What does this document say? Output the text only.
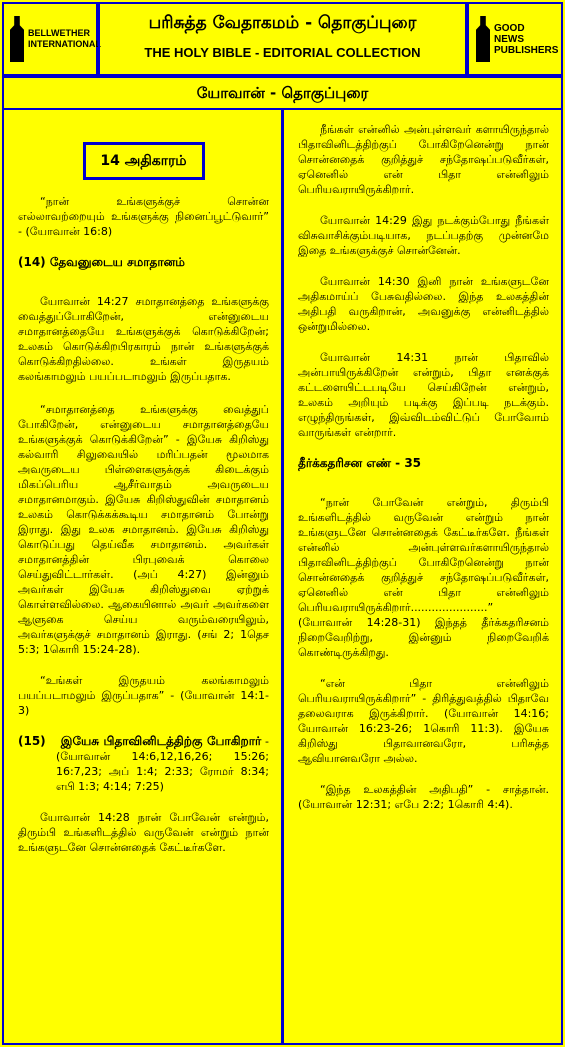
BELLWETHER INTERNATIONAL
பரிசுத்த வேதாகமம் - தொகுப்புரை
THE HOLY BIBLE - EDITORIAL COLLECTION
GOOD NEWS PUBLISHERS
யோவான் - தொகுப்புரை
14 அதிகாரம்

“நான் உங்களுக்குச் சொன்ன எல்லாவற்றையும் உங்களுக்கு நினைப்பூட்டுவார்” - (யோவான் 16:8)

(14) தேவனுடைய சமாதானம்

யோவான் 14:27 சமாதானத்தை உங்களுக்கு வைத்துப்போகிறேன், என்னுடைய சமாதானத்தையே உங்களுக்குக் கொடுக்கிறேன்; உலகம் கொடுக்கிறபிரகாரம் நான் உங்களுக்குக் கொடுக்கிறதில்லை. உங்கள் இருதயம் கலங்காமலும் பயப்படாமலும் இருப்பதாக.

“சமாதானத்தை உங்களுக்கு வைத்துப் போகிறேன், என்னுடைய சமாதானத்தையே உங்களுக்குக் கொடுக்கிறேன்” - இயேசு கிறிஸ்து கல்வாரி சிலுவையில் மரிப்பதன் மூலமாக அவருடைய பிள்ளைகளுக்குக் கிடைக்கும் மிகப்பெரிய ஆசீர்வாதம் அவருடைய சமாதானமாகும். இயேசு கிறிஸ்துவின் சமாதானம் உலகம் கொடுக்கக்கூடிய சமாதானம் போன்று இராது. இது உலக சமாதானம். இயேசு கிறிஸ்து கொடுப்பது தெய்வீக சமாதானம். அவர்கள் சமாதானத்தின் பிரபுவைக் கொலை செய்துவிட்டார்கள். (அப் 4:27) இன்னும் அவர்கள் இயேசு கிறிஸ்துவை ஏற்றுக் கொள்ளவில்லை. ஆகையினால் அவர் அவர்களை ஆளுகை செய்ய வரும்வரையிலும், அவர்களுக்குச் சமாதானம் இராது. (சங் 2; 1தெச 5:3; 1கொரி 15:24-28).

“உங்கள் இருதயம் கலங்காமலும் பயப்படாமலும் இருப்பதாக” - (யோவான் 14:1-3)

(15) இயேசு பிதாவினிடத்திற்கு போகிறார் -(யோவான் 14:6,12,16,26; 15:26; 16:7,23; அப் 1:4; 2:33; ரோமர் 8:34; எபி 1:3; 4:14; 7:25)

யோவான் 14:28 நான் போவேன் என்றும், திரும்பி உங்களிடத்தில் வருவேன் என்றும் நான் உங்களுடனே சொன்னதைக் கேட்டீர்களே.

நீங்கள் என்னில் அன்புள்ளவர் களாயிருந்தால் பிதாவினிடத்திற்குப் போகிறேனென்று நான் சொன்னதைக் குறித்துச் சந்தோஷப்படுவீர்கள், ஏனெனில் என் பிதா என்னிலும் பெரியவராயிருக்கிறார்.

யோவான் 14:29 இது நடக்கும்போது நீங்கள் விசுவாசிக்கும்படியாக, நடப்பதற்கு முன்னமே இதை உங்களுக்குச் சொன்னேன்.

யோவான் 14:30 இனி நான் உங்களுடனே அதிகமாய்ப் பேசுவதில்லை. இந்த உலகத்தின் அதிபதி வருகிறான், அவனுக்கு என்னிடத்தில் ஒன்றுமில்லை.

யோவான் 14:31 நான் பிதாவில் அன்பாயிருக்கிறேன் என்றும், பிதா எனக்குக் கட்டளையிட்டபடியே செய்கிறேன் என்றும், உலகம் அறியும் படிக்கு இப்படி நடக்கும். எழுந்திருங்கள், இவ்விடம்விட்டுப் போவோம் வாருங்கள் என்றார்.

தீர்க்கதரிசன எண் - 35

“நான் போவேன் என்றும், திரும்பி உங்களிடத்தில் வருவேன் என்றும் நான் உங்களுடனே சொன்னதைக் கேட்டீர்களே. நீங்கள் என்னில் அன்புள்ளவர்களாயிருந்தால் பிதாவினிடத்திற்குப் போகிறேனென்று நான் சொன்னதைக் குறித்துச் சந்தோஷப்படுவீர்கள், ஏனெனில் என் பிதா என்னிலும் பெரியவராயிருக்கிறார்......................” (யோவான் 14:28-31) இந்தத் தீர்க்கதரிசனம் நிறைவேறிற்று, இன்னும் நிறைவேறிக் கொண்டிருக்கிறது.

“என் பிதா என்னிலும் பெரியவராயிருக்கிறார்” - திரித்துவத்தில் பிதாவே தலைவராக இருக்கிறார். (யோவான் 14:16; யோவான் 16:23-26; 1கொரி 11:3). இயேசு கிறிஸ்து பிதாவானவரோ, பரிசுத்த ஆவியானவரோ அல்ல.

“இந்த உலகத்தின் அதிபதி” - சாத்தான். (யோவான் 12:31; எபே 2:2; 1கொரி 4:4).
